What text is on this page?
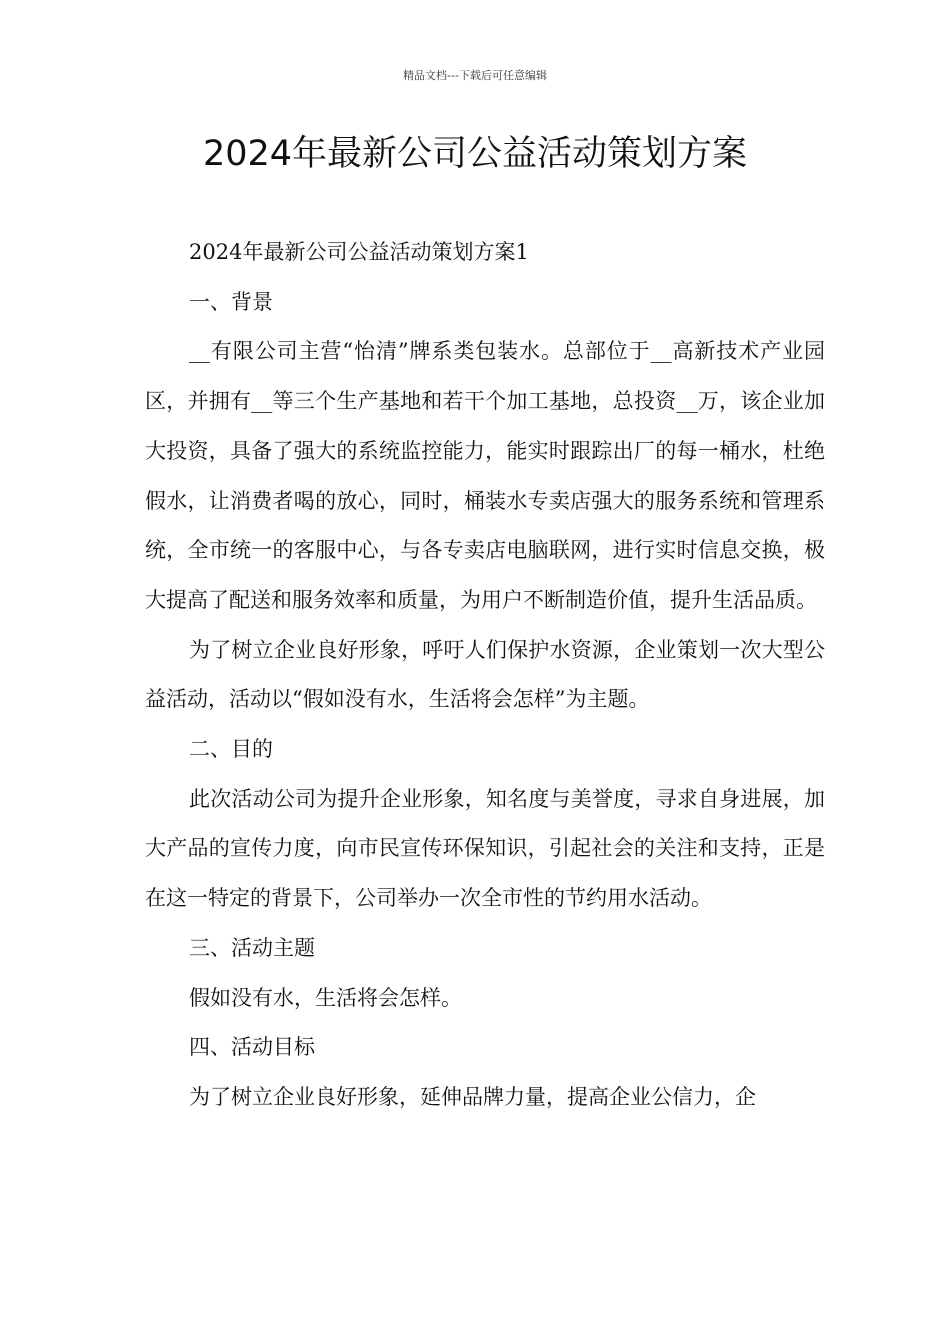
精品文档---下载后可任意编辑
2024年最新公司公益活动策划方案

2024年最新公司公益活动策划方案1

一、背景

__有限公司主营“怡清”牌系类包装水。总部位于__高新技术产业园区，并拥有__等三个生产基地和若干个加工基地，总投资__万，该企业加大投资，具备了强大的系统监控能力，能实时跟踪出厂的每一桶水，杜绝假水，让消费者喝的放心，同时，桶装水专卖店强大的服务系统和管理系统，全市统一的客服中心，与各专卖店电脑联网，进行实时信息交换，极大提高了配送和服务效率和质量，为用户不断制造价值，提升生活品质。

为了树立企业良好形象，呼吁人们保护水资源，企业策划一次大型公益活动，活动以“假如没有水，生活将会怎样”为主题。

二、目的

此次活动公司为提升企业形象，知名度与美誉度，寻求自身进展，加大产品的宣传力度，向市民宣传环保知识，引起社会的关注和支持，正是在这一特定的背景下，公司举办一次全市性的节约用水活动。

三、活动主题

假如没有水，生活将会怎样。

四、活动目标

为了树立企业良好形象，延伸品牌力量，提高企业公信力，企
